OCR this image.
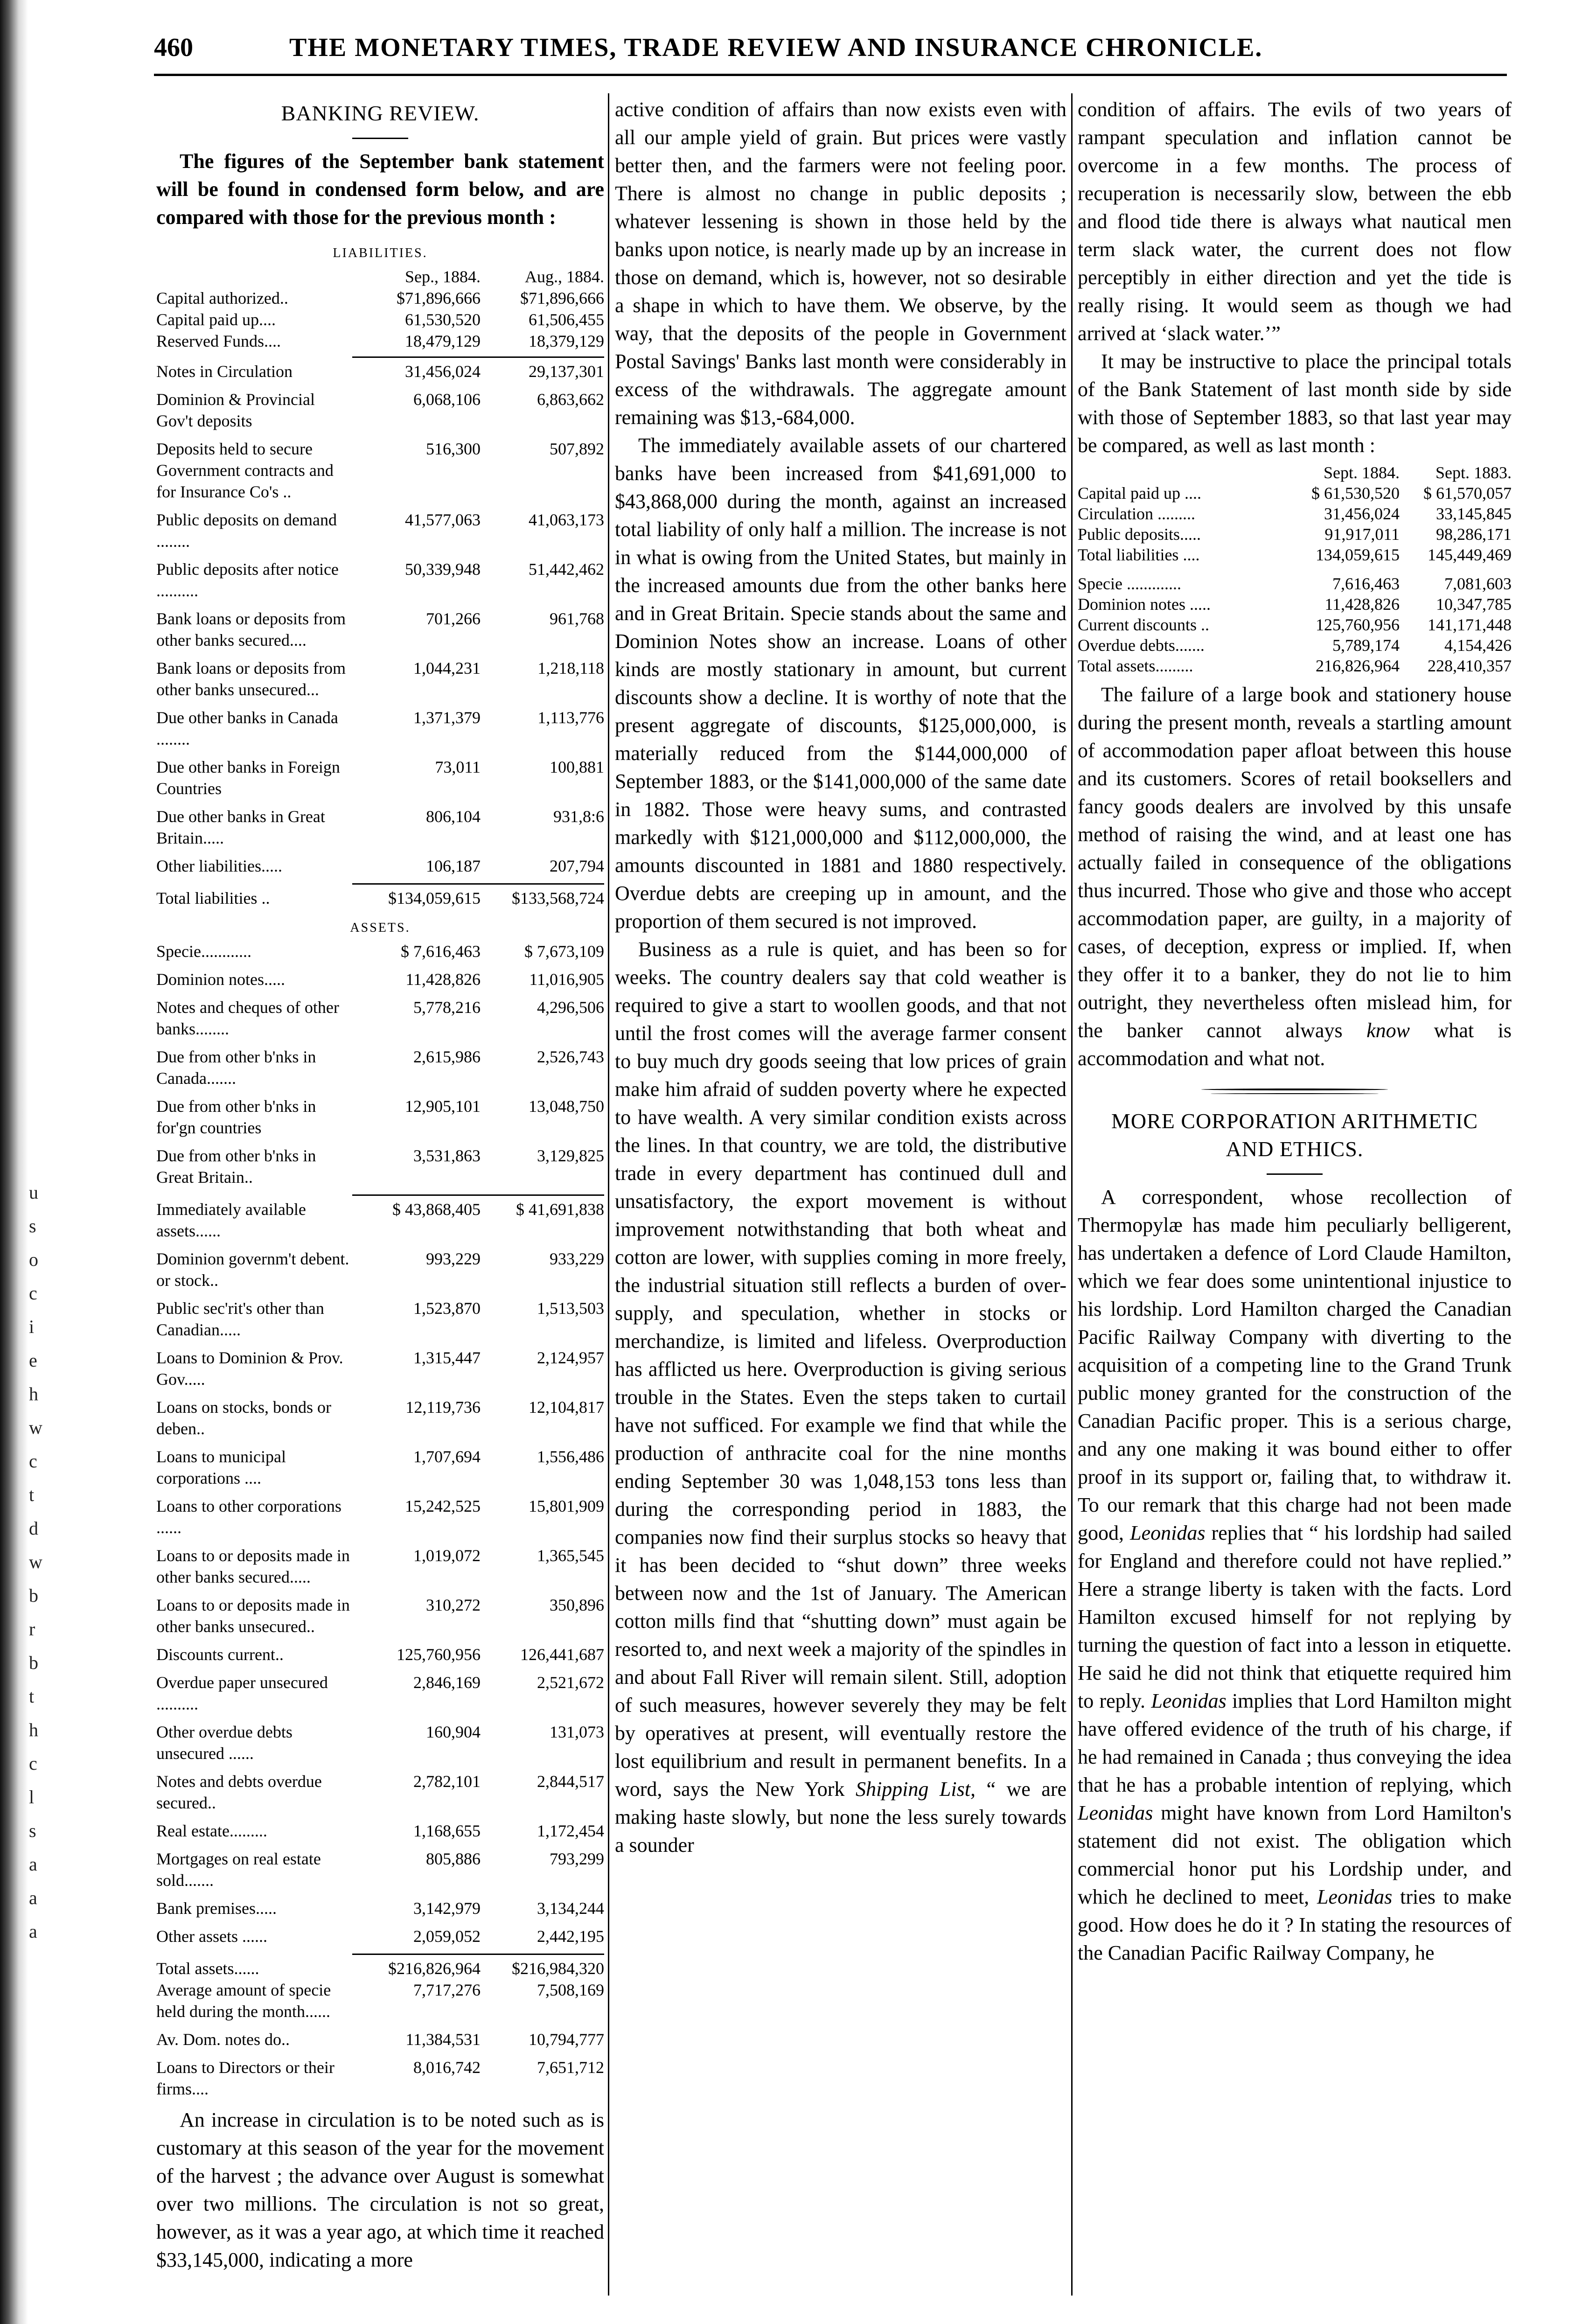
u
s
o
c
i
e
h
w
c
t
d
w
b
r
b
t
h
c
l
s
a
a
a
460	THE MONETARY TIMES, TRADE REVIEW AND INSURANCE CHRONICLE.
BANKING REVIEW.

The figures of the September bank statement will be found in condensed form below, and are compared with those for the previous month :

LIABILITIES.
Sep., 1884.	Aug., 1884.
Capital authorized..	$71,896,666	$71,896,666
Capital paid up....	61,530,520	61,506,455
Reserved Funds....	18,479,129	18,379,129
Notes in Circulation	31,456,024	29,137,301
Dominion & Provincial Gov't deposits
6,068,106	6,863,662
Deposits held to secure Government contracts and for Insurance Co's ..
516,300	507,892
Public deposits on demand ........
41,577,063	41,063,173
Public deposits after notice ..........
50,339,948	51,442,462
Bank loans or deposits from other banks secured....
701,266	961,768
Bank loans or deposits from other banks unsecured...
1,044,231	1,218,118
Due other banks in Canada ........
1,371,379	1,113,776
Due other banks in Foreign Countries
73,011	100,881
Due other banks in Great Britain.....
806,104	931,8:6
Other liabilities.....	106,187	207,794
Total liabilities ..	$134,059,615	$133,568,724
ASSETS.
Specie............	$ 7,616,463	$ 7,673,109
Dominion notes.....	11,428,826	11,016,905
Notes and cheques of other banks........
5,778,216	4,296,506
Due from other b'nks in Canada.......
2,615,986	2,526,743
Due from other b'nks in for'gn countries
12,905,101	13,048,750
Due from other b'nks in Great Britain..
3,531,863	3,129,825
Immediately available assets......
$ 43,868,405	$ 41,691,838
Dominion governm't debent. or stock..
993,229	933,229
Public sec'rit's other than Canadian.....
1,523,870	1,513,503
Loans to Dominion & Prov. Gov.....
1,315,447	2,124,957
Loans on stocks, bonds or deben..
12,119,736	12,104,817
Loans to municipal corporations ....
1,707,694	1,556,486
Loans to other corporations ......
15,242,525	15,801,909
Loans to or deposits made in other banks secured.....
1,019,072	1,365,545
Loans to or deposits made in other banks unsecured..
310,272	350,896
Discounts current..	125,760,956	126,441,687
Overdue paper unsecured ..........
2,846,169	2,521,672
Other overdue debts unsecured ......
160,904	131,073
Notes and debts overdue secured..
2,782,101	2,844,517
Real estate.........	1,168,655	1,172,454
Mortgages on real estate sold.......
805,886	793,299
Bank premises.....	3,142,979	3,134,244
Other assets ......	2,059,052	2,442,195
Total assets......	$216,826,964	$216,984,320
Average amount of specie held during the month......
7,717,276	7,508,169
Av. Dom. notes do..	11,384,531	10,794,777
Loans to Directors or their firms....
8,016,742	7,651,712

An increase in circulation is to be noted such as is customary at this season of the year for the movement of the harvest ; the advance over August is somewhat over two millions. The circulation is not so great, however, as it was a year ago, at which time it reached $33,145,000, indicating a more

active condition of affairs than now exists even with all our ample yield of grain. But prices were vastly better then, and the farmers were not feeling poor. There is almost no change in public deposits ; whatever lessening is shown in those held by the banks upon notice, is nearly made up by an increase in those on demand, which is, however, not so desirable a shape in which to have them. We observe, by the way, that the deposits of the people in Government Postal Savings' Banks last month were considerably in excess of the withdrawals. The aggregate amount remaining was $13,-684,000.

The immediately available assets of our chartered banks have been increased from $41,691,000 to $43,868,000 during the month, against an increased total liability of only half a million. The increase is not in what is owing from the United States, but mainly in the increased amounts due from the other banks here and in Great Britain. Specie stands about the same and Dominion Notes show an increase. Loans of other kinds are mostly stationary in amount, but current discounts show a decline. It is worthy of note that the present aggregate of discounts, $125,000,000, is materially reduced from the $144,000,000 of September 1883, or the $141,000,000 of the same date in 1882. Those were heavy sums, and contrasted markedly with $121,000,000 and $112,000,000, the amounts discounted in 1881 and 1880 respectively. Overdue debts are creeping up in amount, and the proportion of them secured is not improved.

Business as a rule is quiet, and has been so for weeks. The country dealers say that cold weather is required to give a start to woollen goods, and that not until the frost comes will the average farmer consent to buy much dry goods seeing that low prices of grain make him afraid of sudden poverty where he expected to have wealth. A very similar condition exists across the lines. In that country, we are told, the distributive trade in every department has continued dull and unsatisfactory, the export movement is without improvement notwithstanding that both wheat and cotton are lower, with supplies coming in more freely, the industrial situation still reflects a burden of over-supply, and speculation, whether in stocks or merchandize, is limited and lifeless. Overproduction has afflicted us here. Overproduction is giving serious trouble in the States. Even the steps taken to curtail have not sufficed. For example we find that while the production of anthracite coal for the nine months ending September 30 was 1,048,153 tons less than during the corresponding period in 1883, the companies now find their surplus stocks so heavy that it has been decided to “shut down” three weeks between now and the 1st of January. The American cotton mills find that “shutting down” must again be resorted to, and next week a majority of the spindles in and about Fall River will remain silent. Still, adoption of such measures, however severely they may be felt by operatives at present, will eventually restore the lost equilibrium and result in permanent benefits. In a word, says the New York Shipping List, “ we are making haste slowly, but none the less surely towards a sounder

condition of affairs. The evils of two years of rampant speculation and inflation cannot be overcome in a few months. The process of recuperation is necessarily slow, between the ebb and flood tide there is always what nautical men term slack water, the current does not flow perceptibly in either direction and yet the tide is really rising. It would seem as though we had arrived at ‘slack water.’”

It may be instructive to place the principal totals of the Bank Statement of last month side by side with those of September 1883, so that last year may be compared, as well as last month :

Sept. 1884.	Sept. 1883.
Capital paid up ....	$ 61,530,520	$ 61,570,057
Circulation .........	31,456,024	33,145,845
Public deposits.....	91,917,011	98,286,171
Total liabilities ....	134,059,615	145,449,469
Specie .............	7,616,463	7,081,603
Dominion notes .....	11,428,826	10,347,785
Current discounts ..	125,760,956	141,171,448
Overdue debts.......	5,789,174	4,154,426
Total assets.........	216,826,964	228,410,357

The failure of a large book and stationery house during the present month, reveals a startling amount of accommodation paper afloat between this house and its customers. Scores of retail booksellers and fancy goods dealers are involved by this unsafe method of raising the wind, and at least one has actually failed in consequence of the obligations thus incurred. Those who give and those who accept accommodation paper, are guilty, in a majority of cases, of deception, express or implied. If, when they offer it to a banker, they do not lie to him outright, they nevertheless often mislead him, for the banker cannot always know what is accommodation and what not.

MORE CORPORATION ARITHMETIC
AND ETHICS.

A correspondent, whose recollection of Thermopylæ has made him peculiarly belligerent, has undertaken a defence of Lord Claude Hamilton, which we fear does some unintentional injustice to his lordship. Lord Hamilton charged the Canadian Pacific Railway Company with diverting to the acquisition of a competing line to the Grand Trunk public money granted for the construction of the Canadian Pacific proper. This is a serious charge, and any one making it was bound either to offer proof in its support or, failing that, to withdraw it. To our remark that this charge had not been made good, Leonidas replies that “ his lordship had sailed for England and therefore could not have replied.” Here a strange liberty is taken with the facts. Lord Hamilton excused himself for not replying by turning the question of fact into a lesson in etiquette. He said he did not think that etiquette required him to reply. Leonidas implies that Lord Hamilton might have offered evidence of the truth of his charge, if he had remained in Canada ; thus conveying the idea that he has a probable intention of replying, which Leonidas might have known from Lord Hamilton's statement did not exist. The obligation which commercial honor put his Lordship under, and which he declined to meet, Leonidas tries to make good. How does he do it ? In stating the resources of the Canadian Pacific Railway Company, he
